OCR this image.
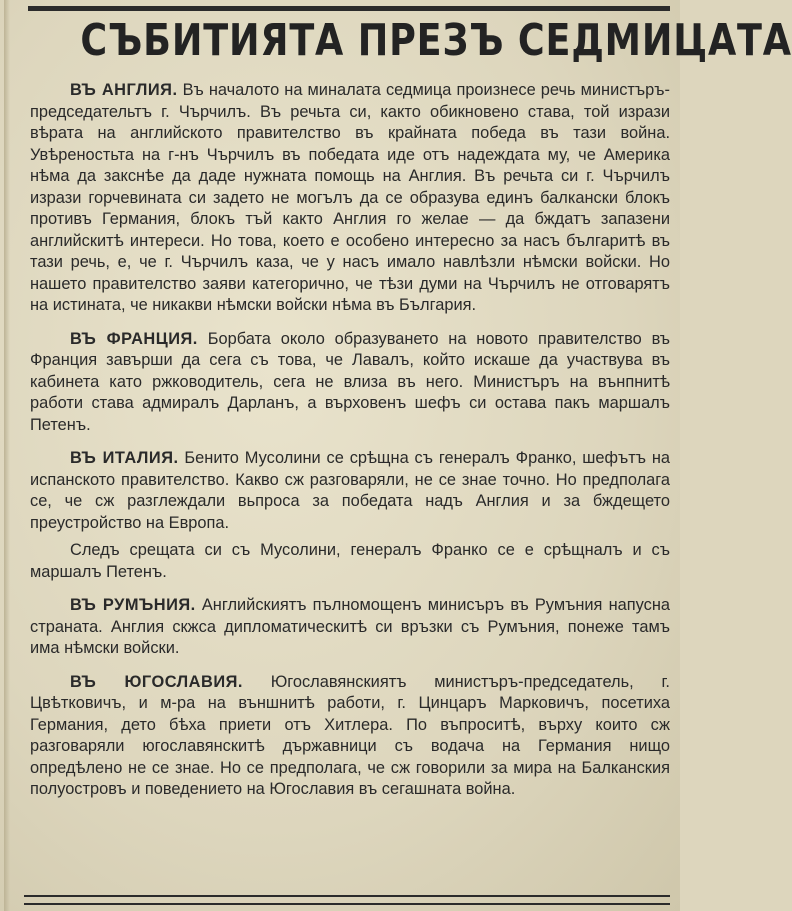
СЪБИТИЯТА ПРЕЗЪ СЕДМИЦАТА

ВЪ АНГЛИЯ. Въ началото на миналата седмица произнесе речь министъръ-председательтъ г. Чърчилъ. Въ речьта си, както обикновено става, той изрази вѣрата на английското правителство въ крайната победа въ тази война. Увѣреностьта на г-нъ Чърчилъ въ победата иде отъ надеждата му, че Америка нѣма да закснѣе да даде нужната помощь на Англия. Въ речьта си г. Чърчилъ изрази горчевината си задето не могълъ да се образува единъ балкански блокъ противъ Германия, блокъ тъй както Англия го желае — да бждатъ запазени английскитѣ интереси. Но това, което е особено интересно за насъ българитѣ въ тази речь, е, че г. Чърчилъ каза, че у насъ имало навлѣзли нѣмски войски. Но нашето правителство заяви категорично, че тѣзи думи на Чърчилъ не отговарятъ на истината, че никакви нѣмски войски нѣма въ България.

ВЪ ФРАНЦИЯ. Борбата около образуването на новото правителство въ Франция завърши да сега съ това, че Лавалъ, който искаше да участвува въ кабинета като ржководитель, сега не влиза въ него. Министъръ на вънпнитѣ работи става адмиралъ Дарланъ, а върховенъ шефъ си остава пакъ маршалъ Петенъ.

ВЪ ИТАЛИЯ. Бенито Мусолини се срѣщна съ генералъ Франко, шефътъ на испанското правителство. Какво сж разговаряли, не се знае точно. Но предполага се, че сж разглеждали вьпроса за победата надъ Англия и за бждещето преустройство на Европа.

Следъ срещата си съ Мусолини, генералъ Франко се е срѣщналъ и съ маршалъ Петенъ.

ВЪ РУМЪНИЯ. Английскиятъ пълномощенъ минисъръ въ Румъния напусна страната. Англия скжса дипломатическитѣ си връзки съ Румъния, понеже тамъ има нѣмски войски.

ВЪ ЮГОСЛАВИЯ. Югославянскиятъ министъръ-председатель, г. Цвѣтковичъ, и м-ра на външнитѣ работи, г. Цинцаръ Марковичъ, посетиха Германия, дето бѣха приети отъ Хитлера. По въпроситѣ, върху които сж разговаряли югославянскитѣ държавници съ водача на Германия нищо опредѣлено не се знае. Но се предполага, че сж говорили за мира на Балканския полуостровъ и поведението на Югославия въ сегашната война.
